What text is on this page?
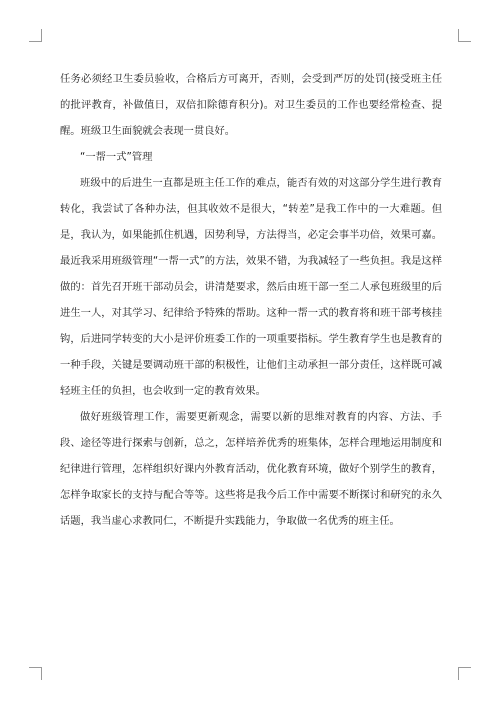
任务必须经卫生委员验收，合格后方可离开，否则，会受到严厉的处罚(接受班主任的批评教育，补做值日，双倍扣除德育积分)。对卫生委员的工作也要经常检查、提醒。班级卫生面貌就会表现一贯良好。

“一帮一式”管理

班级中的后进生一直都是班主任工作的难点，能否有效的对这部分学生进行教育转化，我尝试了各种办法，但其收效不是很大，“转差”是我工作中的一大难题。但是，我认为，如果能抓住机遇，因势利导，方法得当，必定会事半功倍，效果可嘉。最近我采用班级管理“一帮一式”的方法，效果不错，为我减轻了一些负担。我是这样做的：首先召开班干部动员会，讲清楚要求，然后由班干部一至二人承包班级里的后进生一人，对其学习、纪律给予特殊的帮助。这种一帮一式的教育将和班干部考核挂钩，后进同学转变的大小是评价班委工作的一项重要指标。学生教育学生也是教育的一种手段，关键是要调动班干部的积极性，让他们主动承担一部分责任，这样既可减轻班主任的负担，也会收到一定的教育效果。

做好班级管理工作，需要更新观念，需要以新的思维对教育的内容、方法、手段、途径等进行探索与创新，总之，怎样培养优秀的班集体，怎样合理地运用制度和纪律进行管理，怎样组织好课内外教育活动，优化教育环境，做好个别学生的教育，怎样争取家长的支持与配合等等。这些将是我今后工作中需要不断探讨和研究的永久话题，我当虚心求教同仁，不断提升实践能力，争取做一名优秀的班主任。
